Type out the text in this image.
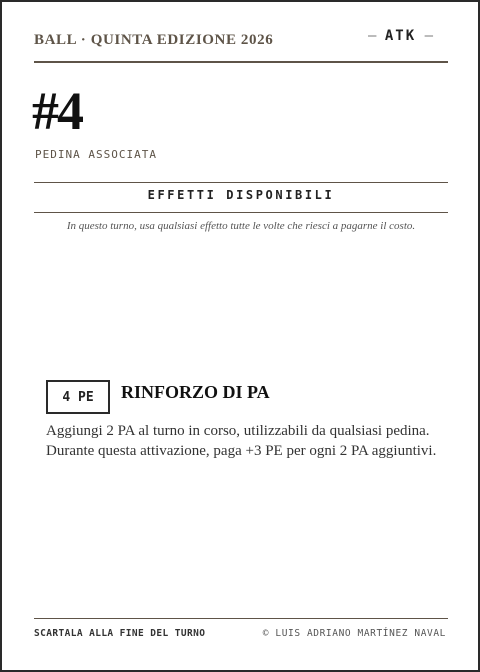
BALL · QUINTA EDIZIONE 2026	— ATK —
#4
PEDINA ASSOCIATA
EFFETTI DISPONIBILI
In questo turno, usa qualsiasi effetto tutte le volte che riesci a pagarne il costo.
4 PE	RINFORZO DI PA

Aggiungi 2 PA al turno in corso, utilizzabili da qualsiasi pedina. Durante questa attivazione, paga +3 PE per ogni 2 PA aggiuntivi.

SCARTALA ALLA FINE DEL TURNO	© LUIS ADRIANO MARTÍNEZ NAVAL
